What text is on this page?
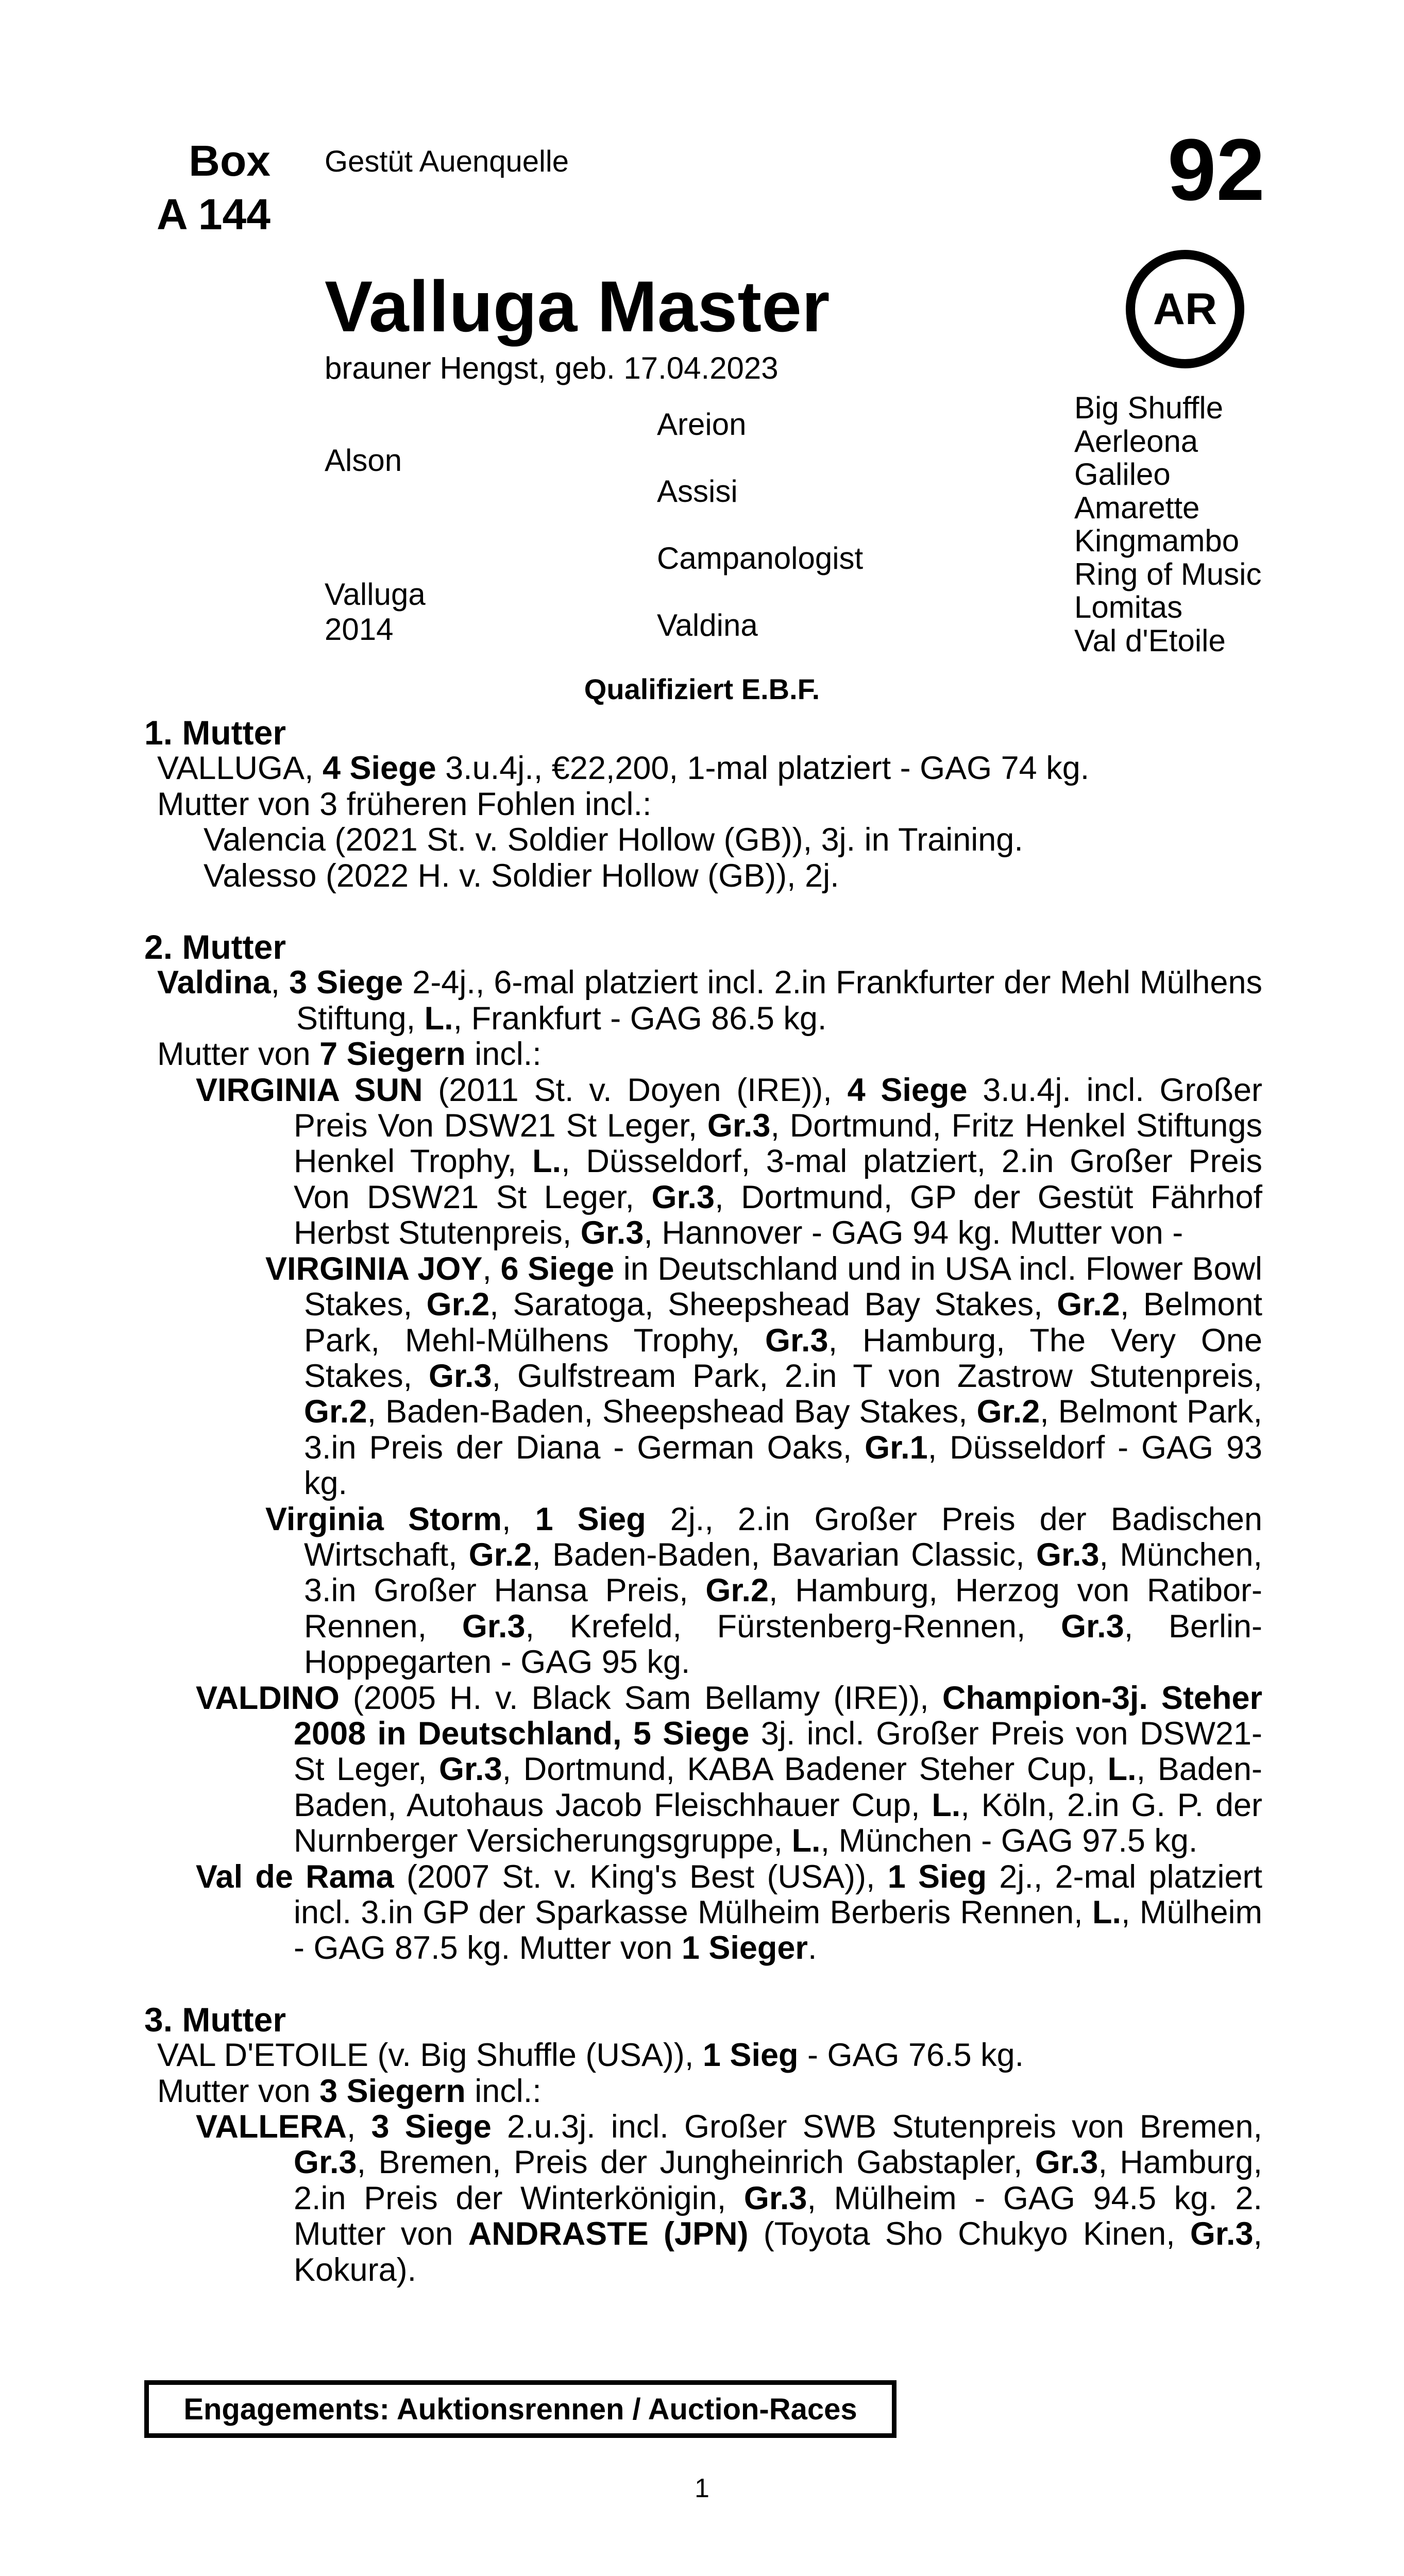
Box
A 144
Gestüt Auenquelle	92
AR
Valluga Master
brauner Hengst, geb. 17.04.2023
Alson
Valluga
2014
Areion
Assisi
Campanologist
Valdina
Big Shuffle
Aerleona
Galileo
Amarette
Kingmambo
Ring of Music
Lomitas
Val d'Etoile
Qualifiziert E.B.F.

1. Mutter

VALLUGA, 4 Siege 3.u.4j., €22,200, 1-mal platziert - GAG 74 kg.

Mutter von 3 früheren Fohlen incl.:

Valencia (2021 St. v. Soldier Hollow (GB)), 3j. in Training.

Valesso (2022 H. v. Soldier Hollow (GB)), 2j.

2. Mutter

Valdina, 3 Siege 2-4j., 6-mal platziert incl. 2.in Frankfurter der Mehl Mülhens Stiftung, L., Frankfurt - GAG 86.5 kg.

Mutter von 7 Siegern incl.:

VIRGINIA SUN (2011 St. v. Doyen (IRE)), 4 Siege 3.u.4j. incl. Großer Preis Von DSW21 St Leger, Gr.3, Dortmund, Fritz Henkel Stiftungs Henkel Trophy, L., Düsseldorf, 3-mal platziert, 2.in Großer Preis Von DSW21 St Leger, Gr.3, Dortmund, GP der Gestüt Fährhof Herbst Stutenpreis, Gr.3, Hannover - GAG 94 kg. Mutter von -

VIRGINIA JOY, 6 Siege in Deutschland und in USA incl. Flower Bowl Stakes, Gr.2, Saratoga, Sheepshead Bay Stakes, Gr.2, Belmont Park, Mehl-Mülhens Trophy, Gr.3, Hamburg, The Very One Stakes, Gr.3, Gulfstream Park, 2.in T von Zastrow Stutenpreis, Gr.2, Baden-Baden, Sheepshead Bay Stakes, Gr.2, Belmont Park, 3.in Preis der Diana - German Oaks, Gr.1, Düsseldorf - GAG 93 kg.

Virginia Storm, 1 Sieg 2j., 2.in Großer Preis der Badischen Wirtschaft, Gr.2, Baden-Baden, Bavarian Classic, Gr.3, München, 3.in Großer Hansa Preis, Gr.2, Hamburg, Herzog von Ratibor-Rennen, Gr.3, Krefeld, Fürstenberg-Rennen, Gr.3, Berlin-Hoppegarten - GAG 95 kg.

VALDINO (2005 H. v. Black Sam Bellamy (IRE)), Champion-3j. Steher 2008 in Deutschland, 5 Siege 3j. incl. Großer Preis von DSW21-St Leger, Gr.3, Dortmund, KABA Badener Steher Cup, L., Baden-Baden, Autohaus Jacob Fleischhauer Cup, L., Köln, 2.in G. P. der Nurnberger Versicherungsgruppe, L., München - GAG 97.5 kg.

Val de Rama (2007 St. v. King's Best (USA)), 1 Sieg 2j., 2-mal platziert incl. 3.in GP der Sparkasse Mülheim Berberis Rennen, L., Mülheim - GAG 87.5 kg. Mutter von 1 Sieger.

3. Mutter

VAL D'ETOILE (v. Big Shuffle (USA)), 1 Sieg - GAG 76.5 kg.

Mutter von 3 Siegern incl.:

VALLERA, 3 Siege 2.u.3j. incl. Großer SWB Stutenpreis von Bremen, Gr.3, Bremen, Preis der Jungheinrich Gabstapler, Gr.3, Hamburg, 2.in Preis der Winterkönigin, Gr.3, Mülheim - GAG 94.5 kg. 2. Mutter von ANDRASTE (JPN) (Toyota Sho Chukyo Kinen, Gr.3, Kokura).

Engagements: Auktionsrennen / Auction-Races
1
